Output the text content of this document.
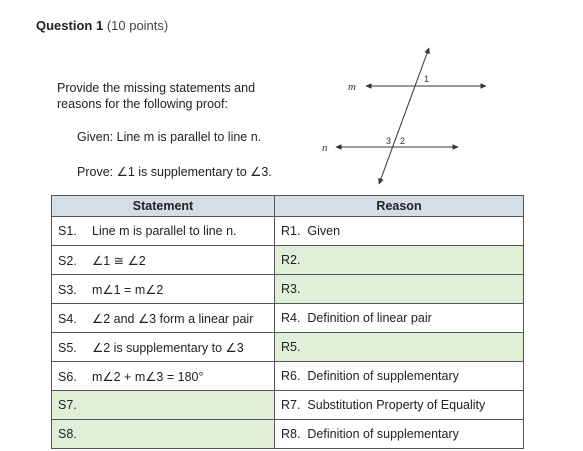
Question 1 (10 points)
Provide the missing statements and reasons for the following proof:
Given: Line m is parallel to line n.
Prove: ∠1 is supplementary to ∠3.
m
n
1
3 2
Statement	Reason
S1. Line m is parallel to line n.	R1. Given
S2. ∠1 ≅ ∠2	R2.
S3. m∠1 = m∠2	R3.
S4. ∠2 and ∠3 form a linear pair	R4. Definition of linear pair
S5. ∠2 is supplementary to ∠3	R5.
S6. m∠2 + m∠3 = 180°	R6. Definition of supplementary
S7.	R7. Substitution Property of Equality
S8.	R8. Definition of supplementary
